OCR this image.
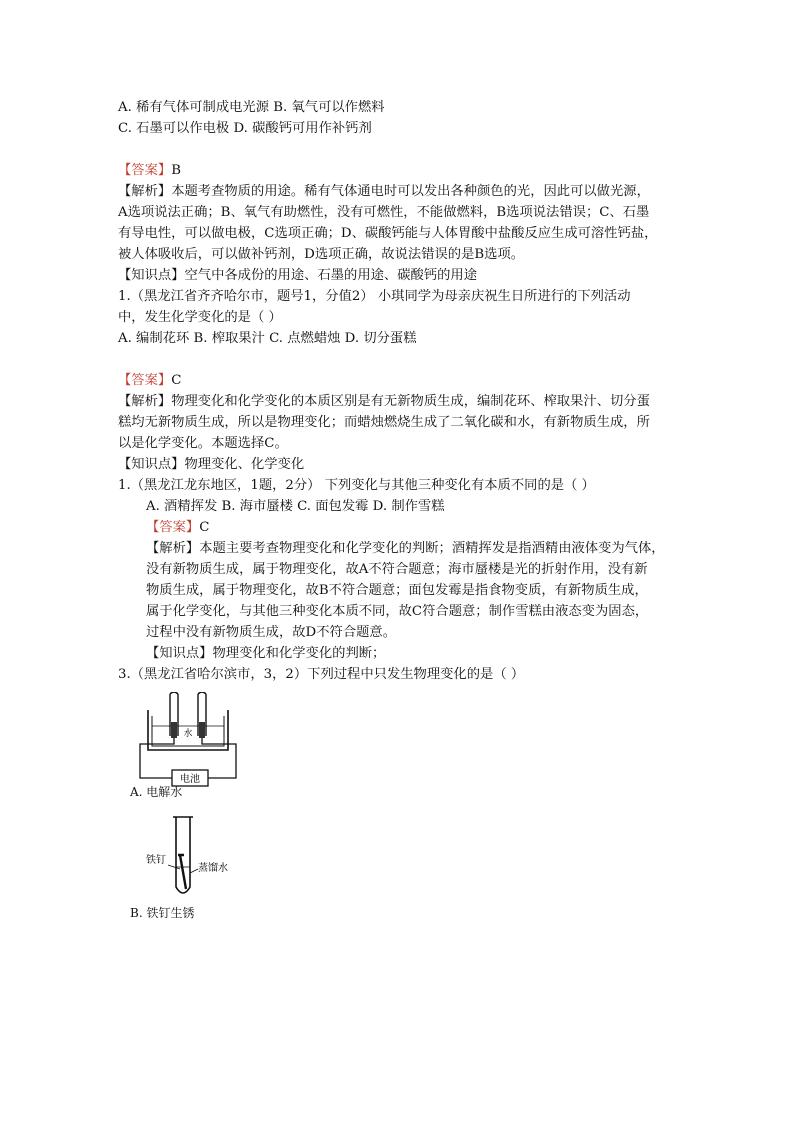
A. 稀有气体可制成电光源 B. 氧气可以作燃料
C. 石墨可以作电极 D. 碳酸钙可用作补钙剂
【答案】B
【解析】本题考查物质的用途。稀有气体通电时可以发出各种颜色的光，因此可以做光源，
A选项说法正确；B、氧气有助燃性，没有可燃性，不能做燃料，B选项说法错误；C、石墨
有导电性，可以做电极，C选项正确；D、碳酸钙能与人体胃酸中盐酸反应生成可溶性钙盐，
被人体吸收后，可以做补钙剂，D选项正确，故说法错误的是B选项。
【知识点】空气中各成份的用途、石墨的用途、碳酸钙的用途
1.（黑龙江省齐齐哈尔市，题号1，分值2） 小琪同学为母亲庆祝生日所进行的下列活动
中，发生化学变化的是（ ）
A. 编制花环 B. 榨取果汁 C. 点燃蜡烛 D. 切分蛋糕
【答案】C
【解析】物理变化和化学变化的本质区别是有无新物质生成，编制花环、榨取果汁、切分蛋
糕均无新物质生成，所以是物理变化；而蜡烛燃烧生成了二氧化碳和水，有新物质生成，所
以是化学变化。本题选择C。
【知识点】物理变化、化学变化
1.（黑龙江龙东地区，1题，2分） 下列变化与其他三种变化有本质不同的是（ ）
A. 酒精挥发 B. 海市蜃楼 C. 面包发霉 D. 制作雪糕
【答案】C
【解析】本题主要考查物理变化和化学变化的判断；酒精挥发是指酒精由液体变为气体，
没有新物质生成，属于物理变化，故A不符合题意；海市蜃楼是光的折射作用，没有新
物质生成，属于物理变化，故B不符合题意；面包发霉是指食物变质，有新物质生成，
属于化学变化，与其他三种变化本质不同，故C符合题意；制作雪糕由液态变为固态，
过程中没有新物质生成，故D不符合题意。
【知识点】物理变化和化学变化的判断；
3.（黑龙江省哈尔滨市，3，2）下列过程中只发生物理变化的是（ ）
电池
水
A. 电解水
铁钉
蒸馏水
B. 铁钉生锈
